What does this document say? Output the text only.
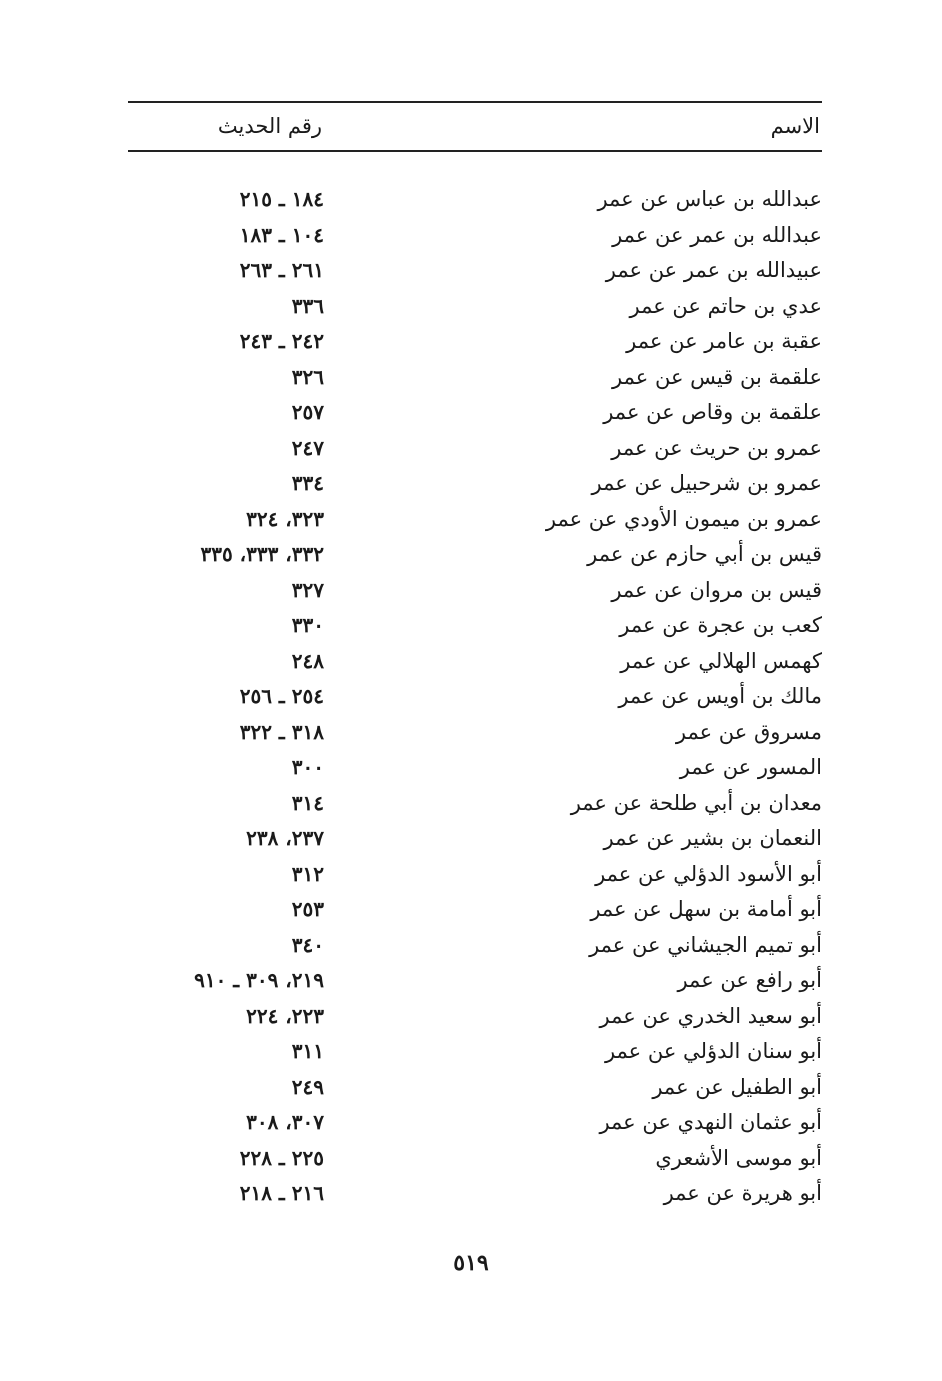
الاسم
رقم الحديث
عبدالله بن عباس عن عمر
١٨٤ ـ ٢١٥
عبدالله بن عمر عن عمر
١٠٤ ـ ١٨٣
عبيدالله بن عمر عن عمر
٢٦١ ـ ٢٦٣
عدي بن حاتم عن عمر
٣٣٦
عقبة بن عامر عن عمر
٢٤٢ ـ ٢٤٣
علقمة بن قيس عن عمر
٣٢٦
علقمة بن وقاص عن عمر
٢٥٧
عمرو بن حريث عن عمر
٢٤٧
عمرو بن شرحبيل عن عمر
٣٣٤
عمرو بن ميمون الأودي عن عمر
٣٢٣، ٣٢٤
قيس بن أبي حازم عن عمر
٣٣٢، ٣٣٣، ٣٣٥
قيس بن مروان عن عمر
٣٢٧
كعب بن عجرة عن عمر
٣٣٠
كهمس الهلالي عن عمر
٢٤٨
مالك بن أويس عن عمر
٢٥٤ ـ ٢٥٦
مسروق عن عمر
٣١٨ ـ ٣٢٢
المسور عن عمر
٣٠٠
معدان بن أبي طلحة عن عمر
٣١٤
النعمان بن بشير عن عمر
٢٣٧، ٢٣٨
أبو الأسود الدؤلي عن عمر
٣١٢
أبو أمامة بن سهل عن عمر
٢٥٣
أبو تميم الجيشاني عن عمر
٣٤٠
أبو رافع عن عمر
٢١٩، ٣٠٩ ـ ٩١٠
أبو سعيد الخدري عن عمر
٢٢٣، ٢٢٤
أبو سنان الدؤلي عن عمر
٣١١
أبو الطفيل عن عمر
٢٤٩
أبو عثمان النهدي عن عمر
٣٠٧، ٣٠٨
أبو موسى الأشعري
٢٢٥ ـ ٢٢٨
أبو هريرة عن عمر
٢١٦ ـ ٢١٨
٥١٩
